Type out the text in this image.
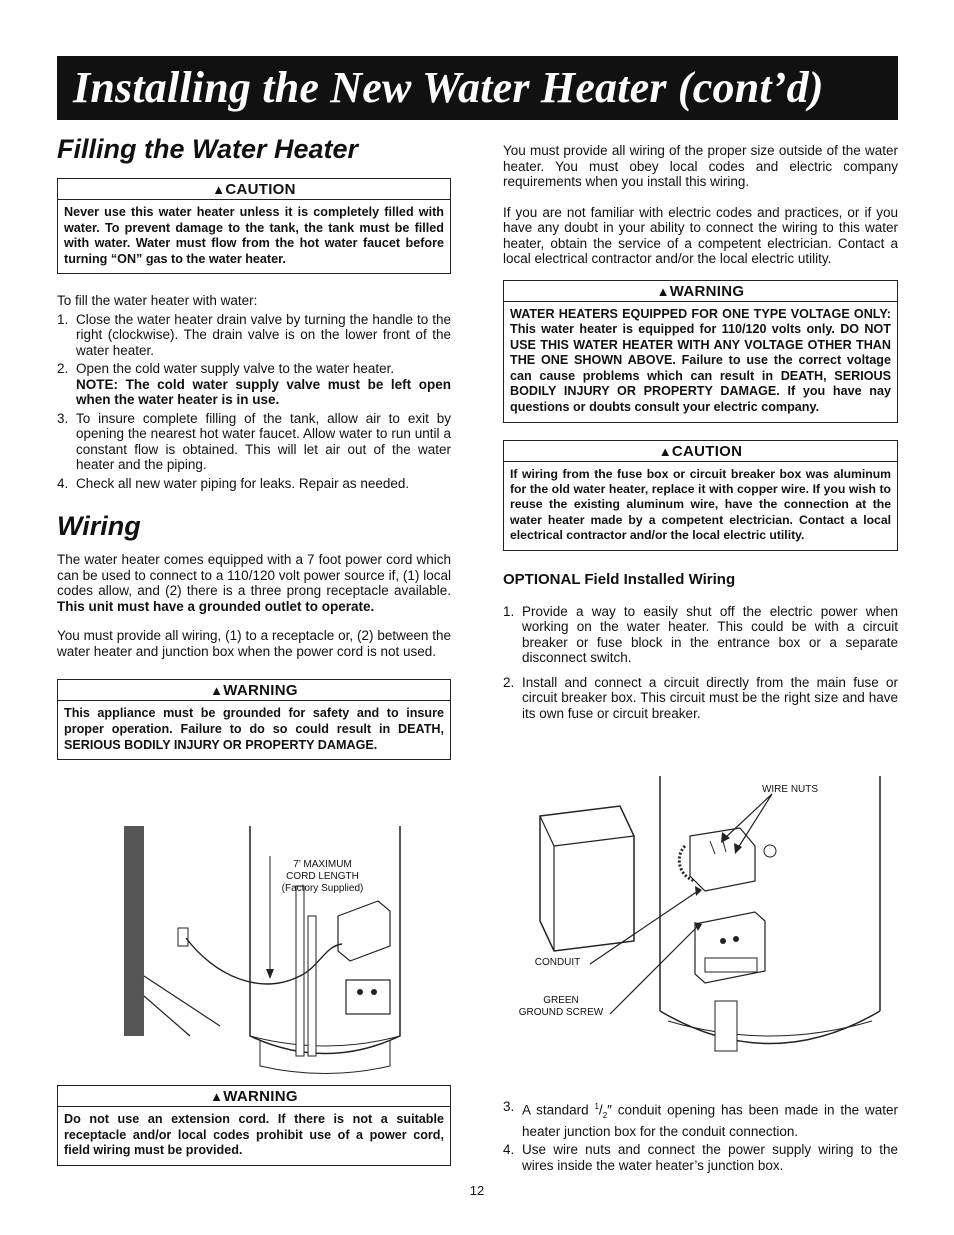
Installing the New Water Heater (cont’d)
Filling the Water Heater
▲CAUTION
Never use this water heater unless it is completely filled with water. To prevent damage to the tank, the tank must be filled with water. Water must flow from the hot water faucet before turning “ON” gas to the water heater.

To fill the water heater with water:

1. Close the water heater drain valve by turning the handle to the right (clockwise). The drain valve is on the lower front of the water heater.
2. Open the cold water supply valve to the water heater.
NOTE: The cold water supply valve must be left open when the water heater is in use.
3. To insure complete filling of the tank, allow air to exit by opening the nearest hot water faucet. Allow water to run until a constant flow is obtained. This will let air out of the water heater and the piping.
4. Check all new water piping for leaks. Repair as needed.
Wiring

The water heater comes equipped with a 7 foot power cord which can be used to connect to a 110/120 volt power source if, (1) local codes allow, and (2) there is a three prong receptacle available. This unit must have a grounded outlet to operate.

You must provide all wiring, (1) to a receptacle or, (2) between the water heater and junction box when the power cord is not used.

▲WARNING
This appliance must be grounded for safety and to insure proper operation. Failure to do so could result in DEATH, SERIOUS BODILY INJURY OR PROPERTY DAMAGE.
7’ MAXIMUM
CORD LENGTH
(Factory Supplied)
▲WARNING
Do not use an extension cord. If there is not a suitable receptacle and/or local codes prohibit use of a power cord, field wiring must be provided.

You must provide all wiring of the proper size outside of the water heater. You must obey local codes and electric company requirements when you install this wiring.

If you are not familiar with electric codes and practices, or if you have any doubt in your ability to connect the wiring to this water heater, obtain the service of a competent electrician. Contact a local electrical contractor and/or the local electric utility.

▲WARNING
WATER HEATERS EQUIPPED FOR ONE TYPE VOLTAGE ONLY: This water heater is equipped for 110/120 volts only. DO NOT USE THIS WATER HEATER WITH ANY VOLTAGE OTHER THAN THE ONE SHOWN ABOVE. Failure to use the correct voltage can cause problems which can result in DEATH, SERIOUS BODILY INJURY OR PROPERTY DAMAGE. If you have nay questions or doubts consult your electric company.
▲CAUTION
If wiring from the fuse box or circuit breaker box was aluminum for the old water heater, replace it with copper wire. If you wish to reuse the existing aluminum wire, have the connection at the water heater made by a competent electrician. Contact a local electrical contractor and/or the local electric utility.
OPTIONAL Field Installed Wiring
1. Provide a way to easily shut off the electric power when working on the water heater. This could be with a circuit breaker or fuse block in the entrance box or a separate disconnect switch.
2. Install and connect a circuit directly from the main fuse or circuit breaker box. This circuit must be the right size and have its own fuse or circuit breaker.
WIRE NUTS
CONDUIT
GREEN
GROUND SCREW
3. A standard $^1/_2''$ conduit opening has been made in the water heater junction box for the conduit connection.
4. Use wire nuts and connect the power supply wiring to the wires inside the water heater’s junction box.
12
